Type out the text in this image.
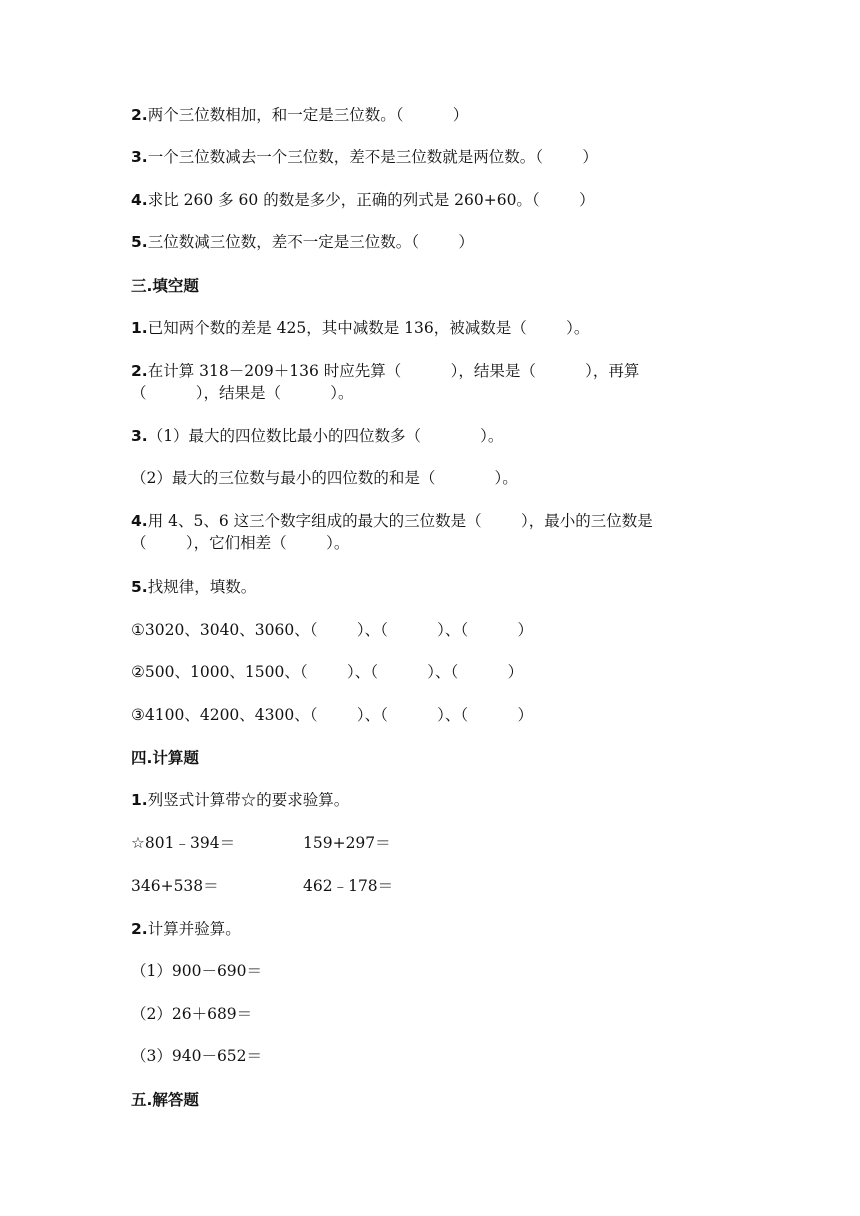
2.两个三位数相加，和一定是三位数。（          ）
3.一个三位数减去一个三位数，差不是三位数就是两位数。（        ）
4.求比 260 多 60 的数是多少，正确的列式是 260+60。（        ）
5.三位数减三位数，差不一定是三位数。（        ）
三.填空题
1.已知两个数的差是 425，其中减数是 136，被减数是（        ）。
2.在计算 318－209＋136 时应先算（          ），结果是（          ），再算
（          ），结果是（          ）。
3.（1）最大的四位数比最小的四位数多（            ）。
（2）最大的三位数与最小的四位数的和是（            ）。
4.用 4、5、6 这三个数字组成的最大的三位数是（        ），最小的三位数是
（        ），它们相差（        ）。
5.找规律，填数。
①3020、3040、3060、（        ）、（          ）、（          ）
②500、1000、1500、（        ）、（          ）、（          ）
③4100、4200、4300、（        ）、（          ）、（          ）
四.计算题
1.列竖式计算带☆的要求验算。
☆801﹣394＝	159+297＝
346+538＝	462﹣178＝
2.计算并验算。
（1）900－690＝
（2）26＋689＝
（3）940－652＝
五.解答题
